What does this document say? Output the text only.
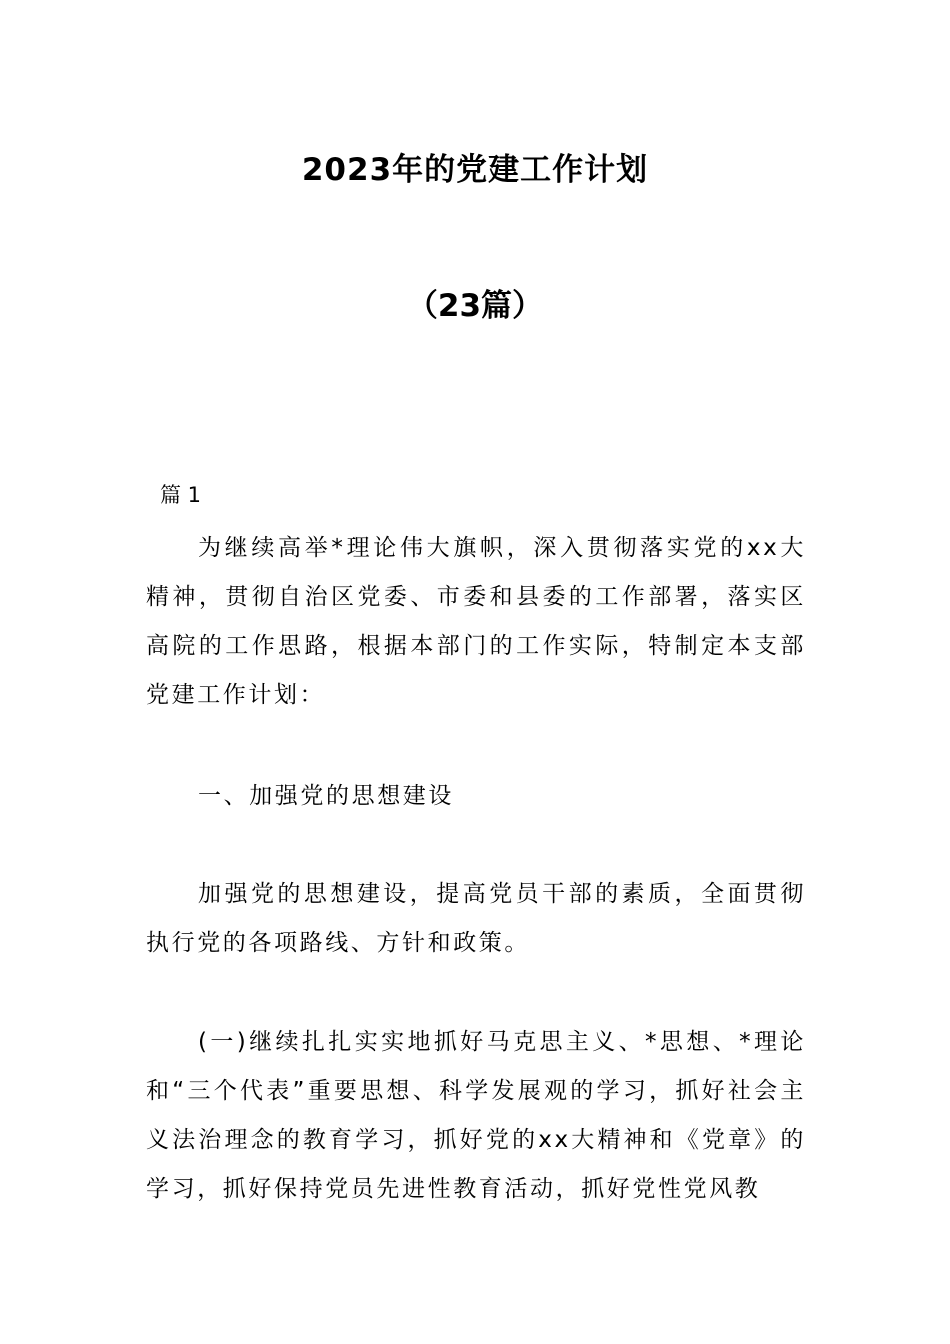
2023年的党建工作计划
（23篇）
篇 1

为继续高举*理论伟大旗帜，深入贯彻落实党的xx大精神，贯彻自治区党委、市委和县委的工作部署，落实区高院的工作思路，根据本部门的工作实际，特制定本支部党建工作计划：

一、加强党的思想建设

加强党的思想建设，提高党员干部的素质，全面贯彻执行党的各项路线、方针和政策。

(一)继续扎扎实实地抓好马克思主义、*思想、*理论和“三个代表”重要思想、科学发展观的学习，抓好社会主义法治理念的教育学习，抓好党的xx大精神和《党章》的学习，抓好保持党员先进性教育活动，抓好党性党风教
